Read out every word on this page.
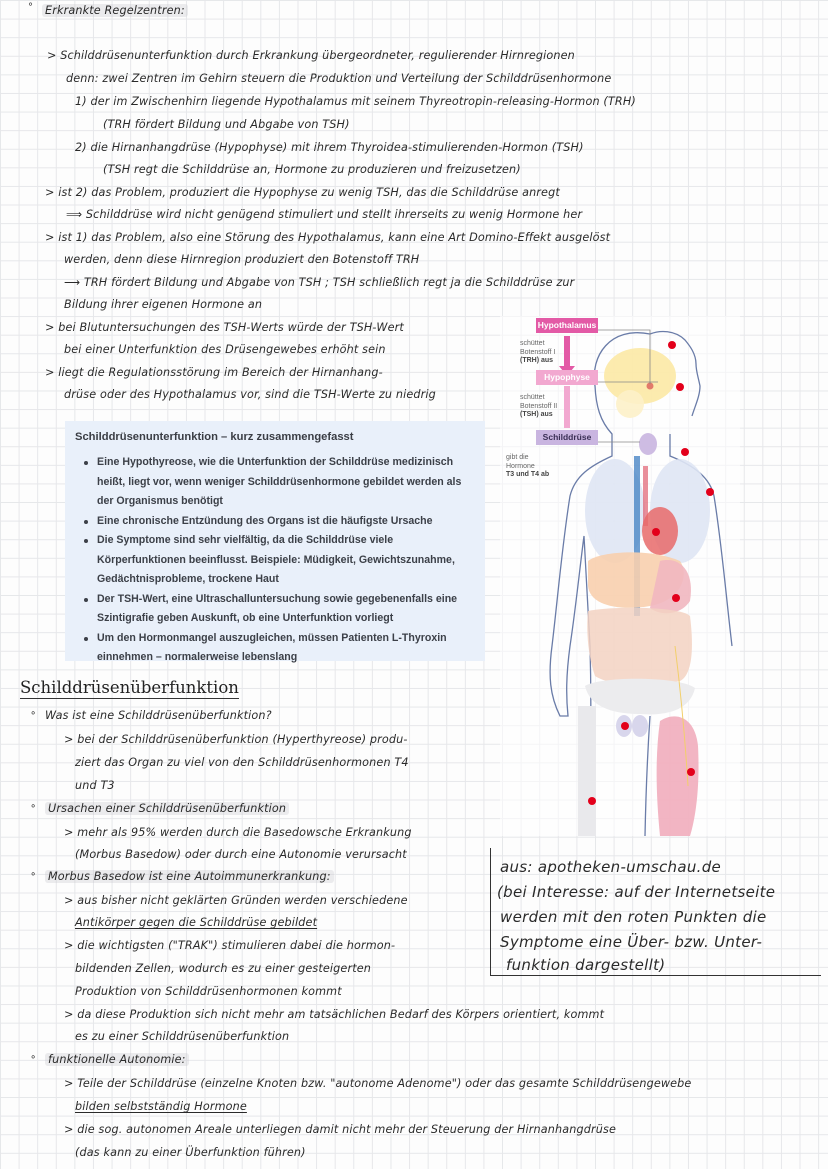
° Erkrankte Regelzentren:
> Schilddrüsenunterfunktion durch Erkrankung übergeordneter, regulierender Hirnregionen
denn: zwei Zentren im Gehirn steuern die Produktion und Verteilung der Schilddrüsenhormone
1) der im Zwischenhirn liegende Hypothalamus mit seinem Thyreotropin-releasing-Hormon (TRH)
(TRH fördert Bildung und Abgabe von TSH)
2) die Hirnanhangdrüse (Hypophyse) mit ihrem Thyroidea-stimulierenden-Hormon (TSH)
(TSH regt die Schilddrüse an, Hormone zu produzieren und freizusetzen)
> ist 2) das Problem, produziert die Hypophyse zu wenig TSH, das die Schilddrüse anregt
⟹ Schilddrüse wird nicht genügend stimuliert und stellt ihrerseits zu wenig Hormone her
> ist 1) das Problem, also eine Störung des Hypothalamus, kann eine Art Domino-Effekt ausgelöst
werden, denn diese Hirnregion produziert den Botenstoff TRH
⟶ TRH fördert Bildung und Abgabe von TSH ; TSH schließlich regt ja die Schilddrüse zur
Bildung ihrer eigenen Hormone an
> bei Blutuntersuchungen des TSH-Werts würde der TSH-Wert
bei einer Unterfunktion des Drüsengewebes erhöht sein
> liegt die Regulationsstörung im Bereich der Hirnanhang-
drüse oder des Hypothalamus vor, sind die TSH-Werte zu niedrig
Schilddrüsenunterfunktion – kurz zusammengefasst
Eine Hypothyreose, wie die Unterfunktion der Schilddrüse medizinisch heißt, liegt vor, wenn weniger Schilddrüsenhormone gebildet werden als der Organismus benötigt
Eine chronische Entzündung des Organs ist die häufigste Ursache
Die Symptome sind sehr vielfältig, da die Schilddrüse viele Körperfunktionen beeinflusst. Beispiele: Müdigkeit, Gewichtszunahme, Gedächtnisprobleme, trockene Haut
Der TSH-Wert, eine Ultraschalluntersuchung sowie gegebenenfalls eine Szintigrafie geben Auskunft, ob eine Unterfunktion vorliegt
Um den Hormonmangel auszugleichen, müssen Patienten L-Thyroxin einnehmen – normalerweise lebenslang
Hypothalamus
Hypophyse
Schilddrüse
schüttet
Botenstoff I
(TRH) aus
schüttet
Botenstoff II
(TSH) aus
gibt die
Hormone
T3 und T4 ab
Schilddrüsenüberfunktion
∘ Was ist eine Schilddrüsenüberfunktion?
> bei der Schilddrüsenüberfunktion (Hyperthyreose) produ-
ziert das Organ zu viel von den Schilddrüsenhormonen T4
und T3
∘ Ursachen einer Schilddrüsenüberfunktion
> mehr als 95% werden durch die Basedowsche Erkrankung
(Morbus Basedow) oder durch eine Autonomie verursacht
∘ Morbus Basedow ist eine Autoimmunerkrankung:
> aus bisher nicht geklärten Gründen werden verschiedene
Antikörper gegen die Schilddrüse gebildet
> die wichtigsten ("TRAK") stimulieren dabei die hormon-
bildenden Zellen, wodurch es zu einer gesteigerten
Produktion von Schilddrüsenhormonen kommt
> da diese Produktion sich nicht mehr am tatsächlichen Bedarf des Körpers orientiert, kommt
es zu einer Schilddrüsenüberfunktion
∘ funktionelle Autonomie:
> Teile der Schilddrüse (einzelne Knoten bzw. "autonome Adenome") oder das gesamte Schilddrüsengewebe
bilden selbstständig Hormone
> die sog. autonomen Areale unterliegen damit nicht mehr der Steuerung der Hirnanhangdrüse
(das kann zu einer Überfunktion führen)
aus: apotheken-umschau.de
(bei Interesse: auf der Internetseite
werden mit den roten Punkten die
Symptome eine Über- bzw. Unter-
funktion dargestellt)
